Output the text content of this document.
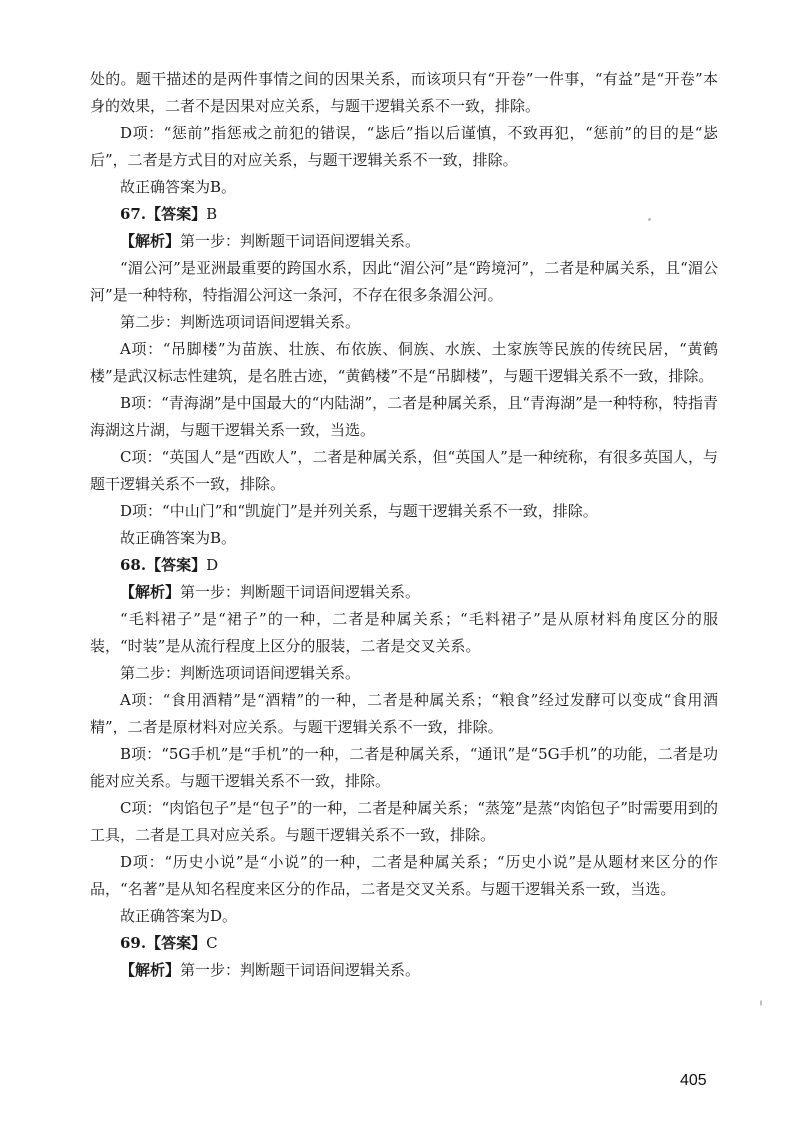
处的。题干描述的是两件事情之间的因果关系，而该项只有“开卷”一件事，“有益”是“开卷”本身的效果，二者不是因果对应关系，与题干逻辑关系不一致，排除。

D项：“惩前”指惩戒之前犯的错误，“毖后”指以后谨慎，不致再犯，“惩前”的目的是“毖后”，二者是方式目的对应关系，与题干逻辑关系不一致，排除。

故正确答案为B。

67.【答案】B

【解析】第一步：判断题干词语间逻辑关系。

“湄公河”是亚洲最重要的跨国水系，因此“湄公河”是“跨境河”，二者是种属关系，且“湄公河”是一种特称，特指湄公河这一条河，不存在很多条湄公河。

第二步：判断选项词语间逻辑关系。

A项：“吊脚楼”为苗族、壮族、布依族、侗族、水族、土家族等民族的传统民居，“黄鹤楼”是武汉标志性建筑，是名胜古迹，“黄鹤楼”不是“吊脚楼”，与题干逻辑关系不一致，排除。

B项：“青海湖”是中国最大的“内陆湖”，二者是种属关系，且“青海湖”是一种特称，特指青海湖这片湖，与题干逻辑关系一致，当选。

C项：“英国人”是“西欧人”，二者是种属关系，但“英国人”是一种统称，有很多英国人，与题干逻辑关系不一致，排除。

D项：“中山门”和“凯旋门”是并列关系，与题干逻辑关系不一致，排除。

故正确答案为B。

68.【答案】D

【解析】第一步：判断题干词语间逻辑关系。

“毛料裙子”是“裙子”的一种，二者是种属关系；“毛料裙子”是从原材料角度区分的服装，“时装”是从流行程度上区分的服装，二者是交叉关系。

第二步：判断选项词语间逻辑关系。

A项：“食用酒精”是“酒精”的一种，二者是种属关系；“粮食”经过发酵可以变成“食用酒精”，二者是原材料对应关系。与题干逻辑关系不一致，排除。

B项：“5G手机”是“手机”的一种，二者是种属关系，“通讯”是“5G手机”的功能，二者是功能对应关系。与题干逻辑关系不一致，排除。

C项：“肉馅包子”是“包子”的一种，二者是种属关系；“蒸笼”是蒸“肉馅包子”时需要用到的工具，二者是工具对应关系。与题干逻辑关系不一致，排除。

D项：“历史小说”是“小说”的一种，二者是种属关系；“历史小说”是从题材来区分的作品，“名著”是从知名程度来区分的作品，二者是交叉关系。与题干逻辑关系一致，当选。

故正确答案为D。

69.【答案】C

【解析】第一步：判断题干词语间逻辑关系。

405
